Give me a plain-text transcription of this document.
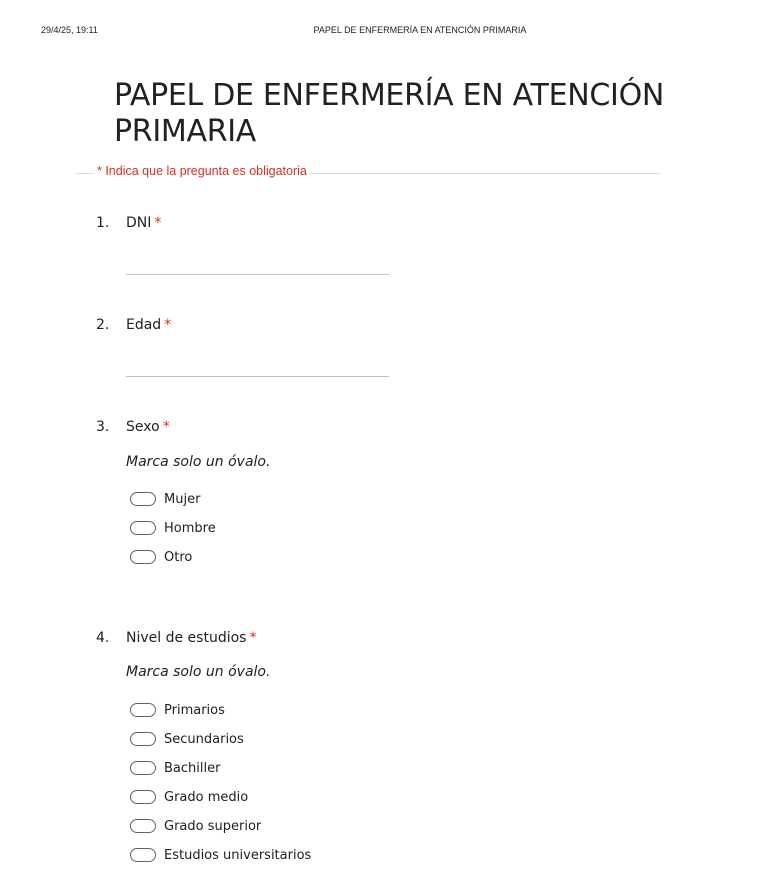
29/4/25, 19:11	PAPEL DE ENFERMERÍA EN ATENCIÓN PRIMARIA
PAPEL DE ENFERMERÍA EN ATENCIÓN
PRIMARIA
* Indica que la pregunta es obligatoria
1.	DNI *
2.	Edad *
3.	Sexo *
Marca solo un óvalo.
Mujer
Hombre
Otro
4.	Nivel de estudios *
Marca solo un óvalo.
Primarios
Secundarios
Bachiller
Grado medio
Grado superior
Estudios universitarios
